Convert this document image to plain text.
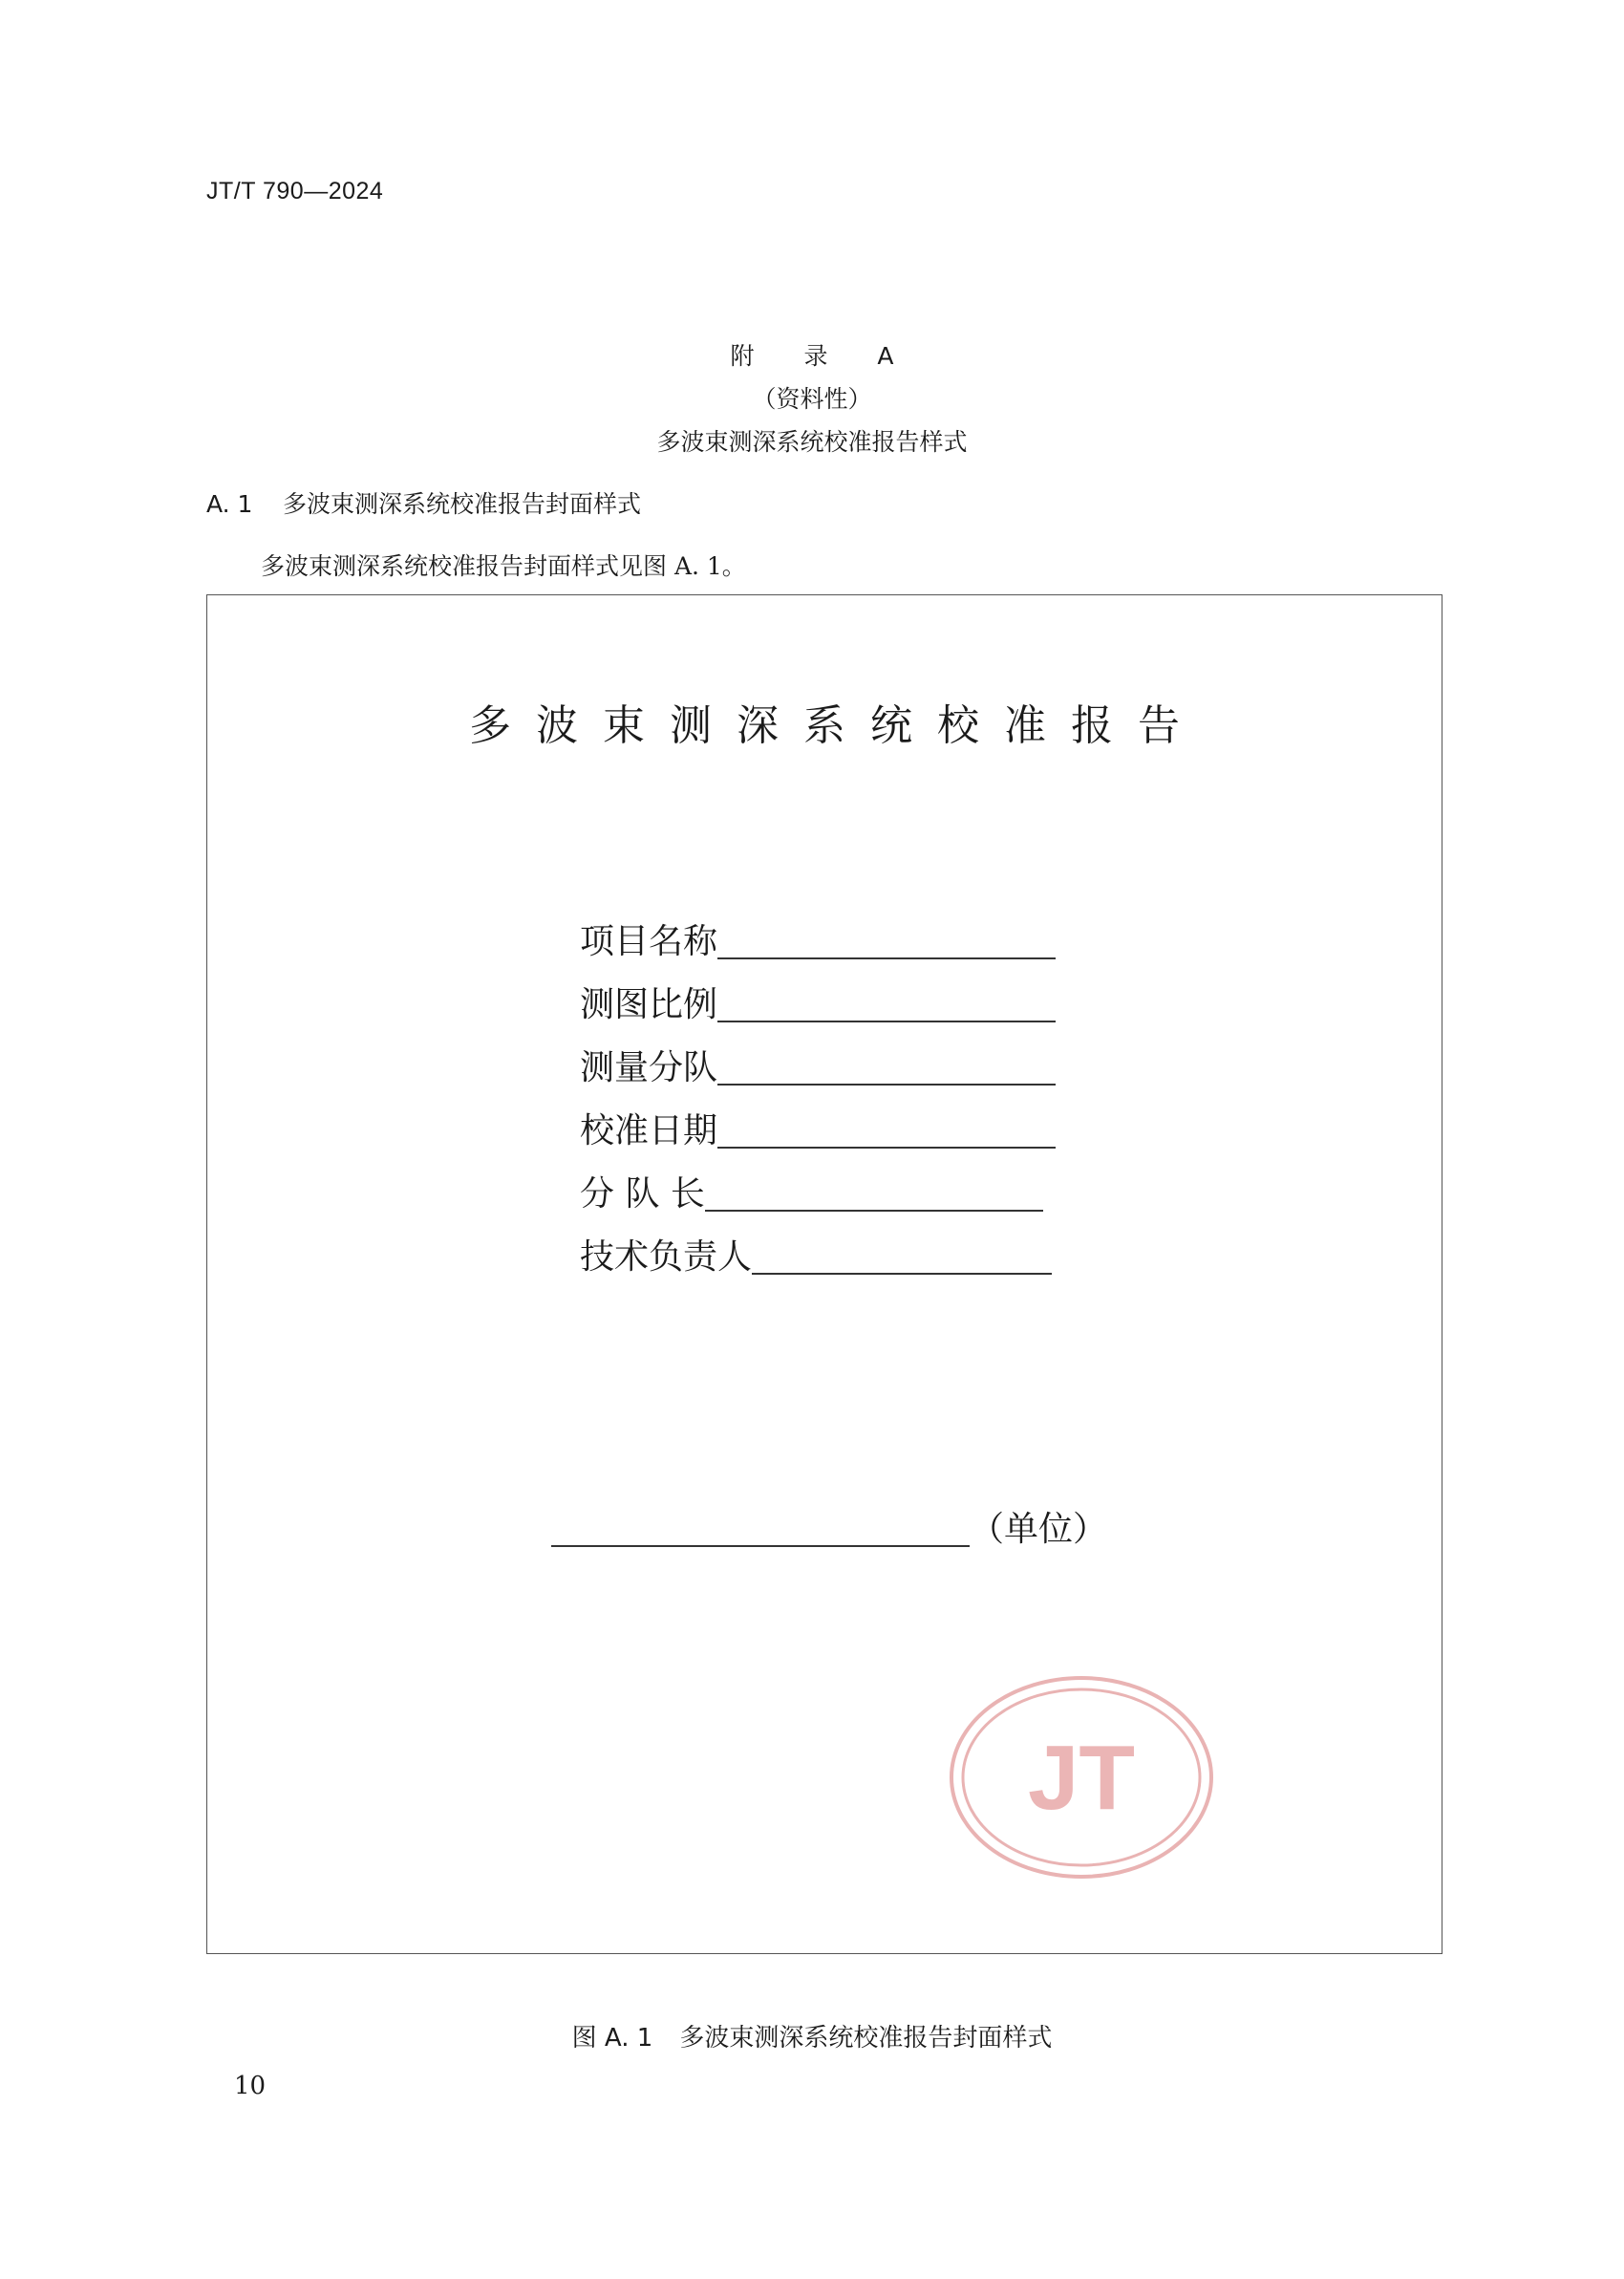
JT/T 790—2024
附 录 A
（资料性）
多波束测深系统校准报告样式
A. 1 多波束测深系统校准报告封面样式
多波束测深系统校准报告封面样式见图 A. 1。
多波束测深系统校准报告
项目名称
测图比例
测量分队
校准日期
分 队 长
技术负责人
（单位）
JT
图 A. 1 多波束测深系统校准报告封面样式
10
